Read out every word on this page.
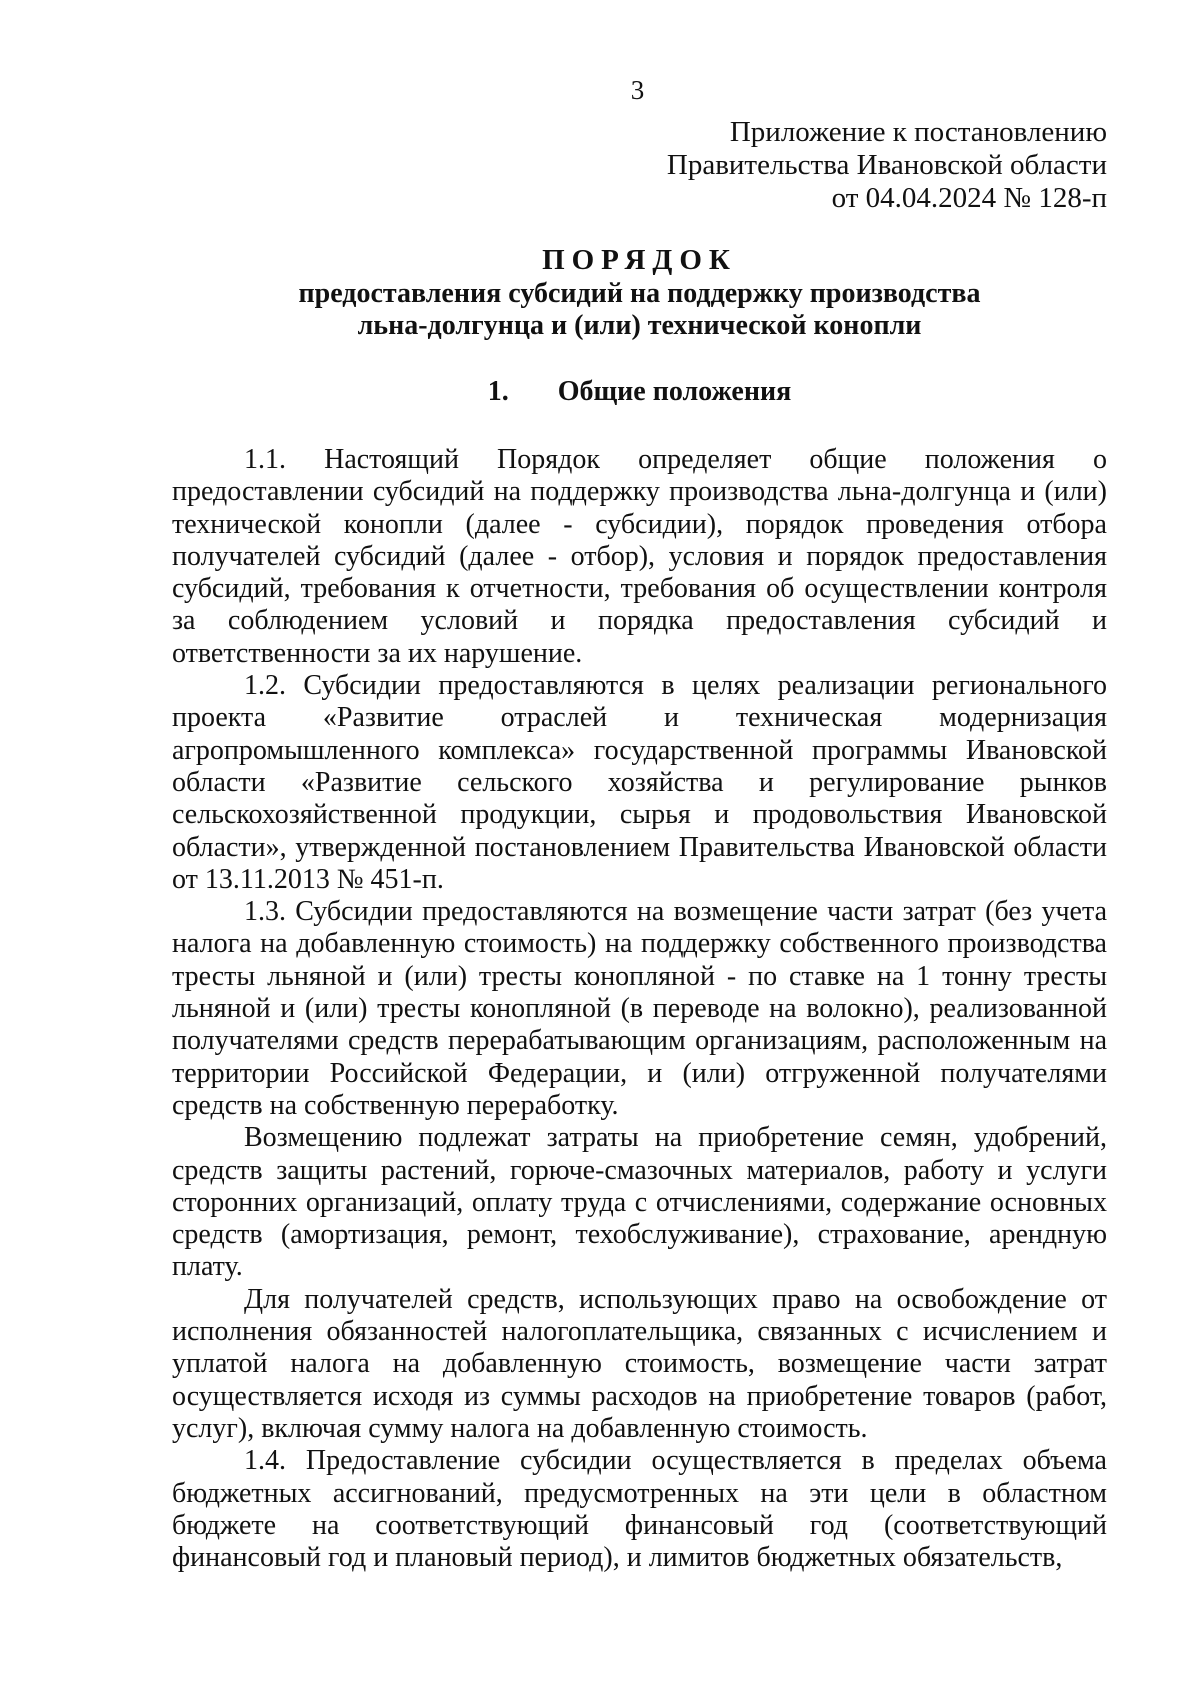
3
Приложение к постановлению
Правительства Ивановской области
от 04.04.2024 № 128-п
ПОРЯДОК
предоставления субсидий на поддержку производства
льна-долгунца и (или) технической конопли
1. Общие положения

1.1. Настоящий Порядок определяет общие положения о предоставлении субсидий на поддержку производства льна-долгунца и (или) технической конопли (далее - субсидии), порядок проведения отбора получателей субсидий (далее - отбор), условия и порядок предоставления субсидий, требования к отчетности, требования об осуществлении контроля за соблюдением условий и порядка предоставления субсидий и ответственности за их нарушение.

1.2. Субсидии предоставляются в целях реализации регионального проекта «Развитие отраслей и техническая модернизация агропромышленного комплекса» государственной программы Ивановской области «Развитие сельского хозяйства и регулирование рынков сельскохозяйственной продукции, сырья и продовольствия Ивановской области», утвержденной постановлением Правительства Ивановской области от 13.11.2013 № 451-п.

1.3. Субсидии предоставляются на возмещение части затрат (без учета налога на добавленную стоимость) на поддержку собственного производства тресты льняной и (или) тресты конопляной - по ставке на 1 тонну тресты льняной и (или) тресты конопляной (в переводе на волокно), реализованной получателями средств перерабатывающим организациям, расположенным на территории Российской Федерации, и (или) отгруженной получателями средств на собственную переработку.

Возмещению подлежат затраты на приобретение семян, удобрений, средств защиты растений, горюче-смазочных материалов, работу и услуги сторонних организаций, оплату труда с отчислениями, содержание основных средств (амортизация, ремонт, техобслуживание), страхование, арендную плату.

Для получателей средств, использующих право на освобождение от исполнения обязанностей налогоплательщика, связанных с исчислением и уплатой налога на добавленную стоимость, возмещение части затрат осуществляется исходя из суммы расходов на приобретение товаров (работ, услуг), включая сумму налога на добавленную стоимость.

1.4. Предоставление субсидии осуществляется в пределах объема бюджетных ассигнований, предусмотренных на эти цели в областном бюджете на соответствующий финансовый год (соответствующий финансовый год и плановый период), и лимитов бюджетных обязательств,
